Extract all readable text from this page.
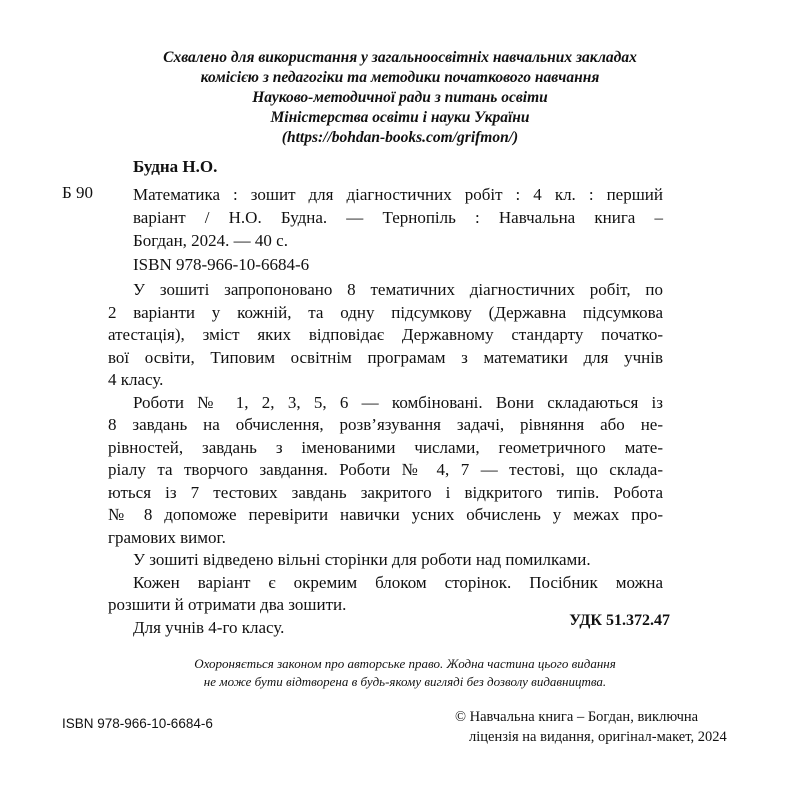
Схвалено для використання у загальноосвітніх навчальних закладах
комісією з педагогіки та методики початкового навчання
Науково-методичної ради з питань освіти
Міністерства освіти і науки України
(https://bohdan-books.com/grifmon/)
Будна Н.О.
Б 90 Математика : зошит для діагностичних робіт : 4 кл. : перший
варіант / Н.О. Будна. — Тернопіль : Навчальна книга –
Богдан, 2024. — 40 с.
ISBN 978-966-10-6684-6
У зошиті запропоновано 8 тематичних діагностичних робіт, по
2 варіанти у кожній, та одну підсумкову (Державна підсумкова
атестація), зміст яких відповідає Державному стандарту початко-
вої освіти, Типовим освітнім програмам з математики для учнів
4 класу.
Роботи № 1, 2, 3, 5, 6 — комбіновані. Вони складаються із
8 завдань на обчислення, розв’язування задачі, рівняння або не-
рівностей, завдань з іменованими числами, геометричного мате-
ріалу та творчого завдання. Роботи № 4, 7 — тестові, що склада-
ються із 7 тестових завдань закритого і відкритого типів. Робота
№ 8 допоможе перевірити навички усних обчислень у межах про-
грамових вимог.
У зошиті відведено вільні сторінки для роботи над помилками.
Кожен варіант є окремим блоком сторінок. Посібник можна
розшити й отримати два зошити.
Для учнів 4-го класу.	УДК 51.372.47
Охороняється законом про авторське право. Жодна частина цього видання
не може бути відтворена в будь-якому вигляді без дозволу видавництва.
ISBN 978-966-10-6684-6	© Навчальна книга – Богдан, виключна
ліцензія на видання, оригінал-макет, 2024
